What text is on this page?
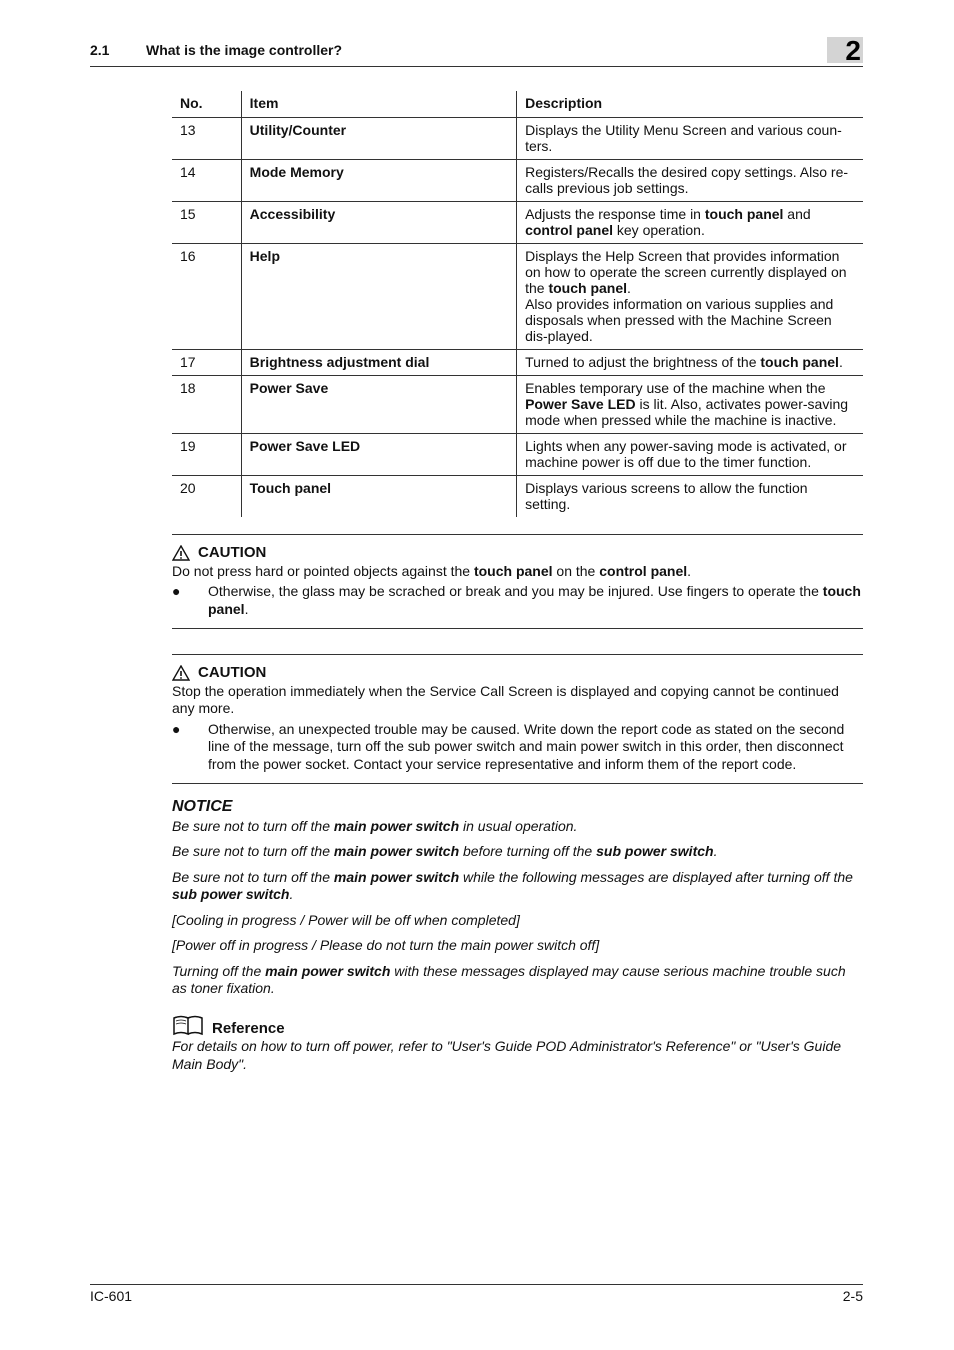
2.1	What is the image controller?	2
No.	Item	Description
13	Utility/Counter	Displays the Utility Menu Screen and various coun-ters.
14	Mode Memory	Registers/Recalls the desired copy settings. Also re-calls previous job settings.
15	Accessibility	Adjusts the response time in touch panel and control panel key operation.
16	Help	Displays the Help Screen that provides information on how to operate the screen currently displayed on the touch panel.
Also provides information on various supplies and disposals when pressed with the Machine Screen dis-played.
17	Brightness adjustment dial	Turned to adjust the brightness of the touch panel.
18	Power Save	Enables temporary use of the machine when the Power Save LED is lit. Also, activates power-saving mode when pressed while the machine is inactive.
19	Power Save LED	Lights when any power-saving mode is activated, or machine power is off due to the timer function.
20	Touch panel	Displays various screens to allow the function setting.
CAUTION
Do not press hard or pointed objects against the touch panel on the control panel.
● Otherwise, the glass may be scrached or break and you may be injured. Use fingers to operate the touch panel.
CAUTION
Stop the operation immediately when the Service Call Screen is displayed and copying cannot be continued any more.
● Otherwise, an unexpected trouble may be caused. Write down the report code as stated on the second line of the message, turn off the sub power switch and main power switch in this order, then disconnect from the power socket. Contact your service representative and inform them of the report code.
NOTICE

Be sure not to turn off the main power switch in usual operation.

Be sure not to turn off the main power switch before turning off the sub power switch.

Be sure not to turn off the main power switch while the following messages are displayed after turning off the sub power switch.

[Cooling in progress / Power will be off when completed]

[Power off in progress / Please do not turn the main power switch off]

Turning off the main power switch with these messages displayed may cause serious machine trouble such as toner fixation.

Reference
For details on how to turn off power, refer to "User's Guide POD Administrator's Reference" or "User's Guide Main Body".
IC-601	2-5
